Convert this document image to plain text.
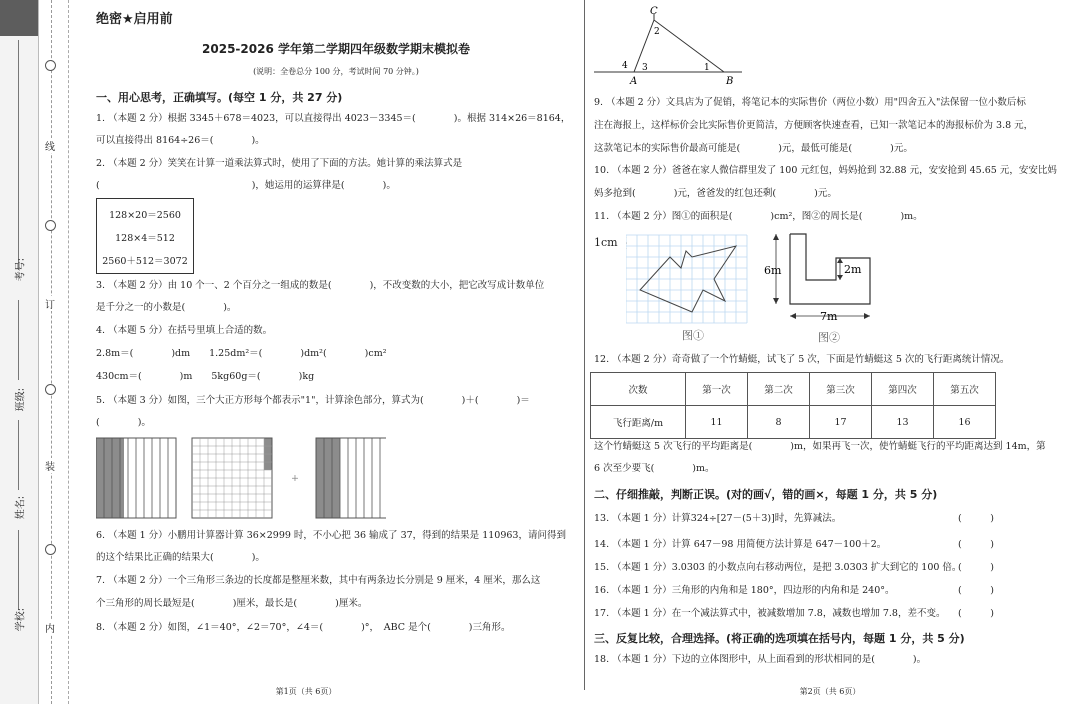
考号:
班级:
姓名:
学校:
线
订
装
内
绝密★启用前
2025-2026 学年第二学期四年级数学期末模拟卷
(说明：全卷总分 100 分，考试时间 70 分钟。)
一、用心思考，正确填写。(每空 1 分，共 27 分)
1. （本题 2 分）根据 3345＋678＝4023，可以直接得出 4023－3345＝(　　　　)。根据 314×26＝8164，
可以直接得出 8164÷26＝(　　　　)。
2. （本题 2 分）笑笑在计算一道乘法算式时，使用了下面的方法。她计算的乘法算式是
(　　　　　　　　　　　　　　　　)，她运用的运算律是(　　　　)。
128×20＝2560
128×4＝512
2560＋512＝3072
3. （本题 2 分）由 10 个一、2 个百分之一组成的数是(　　　　)，不改变数的大小，把它改写成计数单位
是千分之一的小数是(　　　　)。
4. （本题 5 分）在括号里填上合适的数。
2.8m＝(　　　　)dm　　1.25dm²＝(　　　　)dm²(　　　　)cm²
430cm＝(　　　　)m　　5kg60g＝(　　　　)kg
5. （本题 3 分）如图，三个大正方形每个都表示"1"，计算涂色部分，算式为(　　　　)＋(　　　　)＝
(　　　　)。
+
6. （本题 1 分）小鹏用计算器计算 36×2999 时，不小心把 36 输成了 37，得到的结果是 110963，请问得到
的这个结果比正确的结果大(　　　　)。
7. （本题 2 分）一个三角形三条边的长度都是整厘米数，其中有两条边长分别是 9 厘米，4 厘米，那么这
个三角形的周长最短是(　　　　)厘米，最长是(　　　　)厘米。
8. （本题 2 分）如图，∠1＝40°，∠2＝70°，∠4＝(　　　　)°，　ABC 是个(　　　　)三角形。
第1页（共 6页）
C
A	B
1
2
3
4
9. （本题 2 分）文具店为了促销，将笔记本的实际售价（两位小数）用"四舍五入"法保留一位小数后标
注在海报上，这样标价会比实际售价更简洁，方便顾客快速查看，已知一款笔记本的海报标价为 3.8 元，
这款笔记本的实际售价最高可能是(　　　　)元，最低可能是(　　　　)元。
10. （本题 2 分）爸爸在家人微信群里发了 100 元红包，妈妈抢到 32.88 元，安安抢到 45.65 元，安安比妈
妈多抢到(　　　　)元，爸爸发的红包还剩(　　　　)元。
11. （本题 2 分）图①的面积是(　　　　)cm²，图②的周长是(　　　　)m。
1cm
图①
6m	2m
7m
图②
12. （本题 2 分）奇奇做了一个竹蜻蜓，试飞了 5 次，下面是竹蜻蜓这 5 次的飞行距离统计情况。
次数	第一次	第二次	第三次	第四次	第五次
飞行距离/m	11	8	17	13	16
这个竹蜻蜓这 5 次飞行的平均距离是(　　　　)m，如果再飞一次，使竹蜻蜓飞行的平均距离达到 14m，第
6 次至少要飞(　　　　)m。
二、仔细推敲，判断正误。(对的画√，错的画×，每题 1 分，共 5 分)
13. （本题 1 分）计算324÷[27－(5＋3)]时，先算减法。	(　　　)
14. （本题 1 分）计算 647－98 用简便方法计算是 647－100＋2。	(　　　)
15. （本题 1 分）3.0303 的小数点向右移动两位，是把 3.0303 扩大到它的 100 倍。
(　　　)
16. （本题 1 分）三角形的内角和是 180°，四边形的内角和是 240°。	(　　　)
17. （本题 1 分）在一个减法算式中，被减数增加 7.8，减数也增加 7.8，差不变。 (　　　)
三、反复比较，合理选择。(将正确的选项填在括号内，每题 1 分，共 5 分)
18. （本题 1 分）下边的立体图形中，从上面看到的形状相同的是(　　　　)。
第2页（共 6页）
